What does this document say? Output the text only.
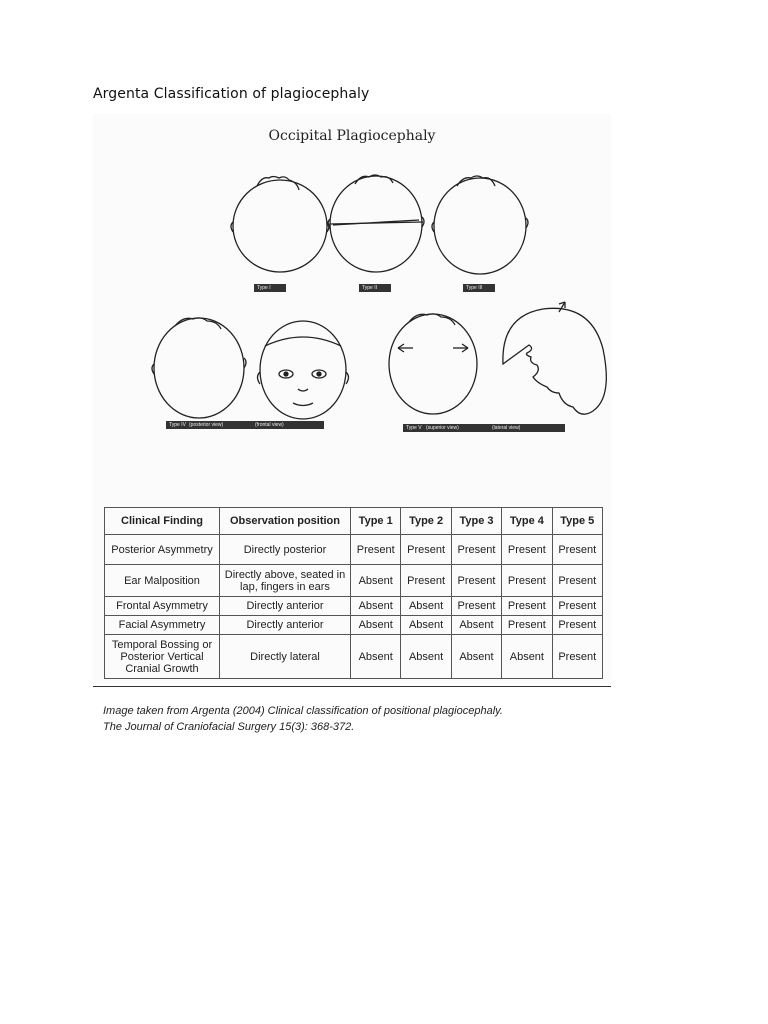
Argenta Classification of plagiocephaly
Occipital Plagiocephaly
Type I	Type II	Type III
Type IV (posterior view)	(frontal view)	Type V (superior view)	(lateral view)
Clinical Finding	Observation position	Type 1	Type 2	Type 3	Type 4	Type 5
Posterior Asymmetry	Directly posterior	Present	Present	Present	Present	Present
Ear Malposition	Directly above, seated in lap, fingers in ears	Absent	Present	Present	Present	Present
Frontal Asymmetry	Directly anterior	Absent	Absent	Present	Present	Present
Facial Asymmetry	Directly anterior	Absent	Absent	Absent	Present	Present
Temporal Bossing or Posterior Vertical Cranial Growth	Directly lateral	Absent	Absent	Absent	Absent	Present
Image taken from Argenta (2004) Clinical classification of positional plagiocephaly.
The Journal of Craniofacial Surgery 15(3): 368-372.
